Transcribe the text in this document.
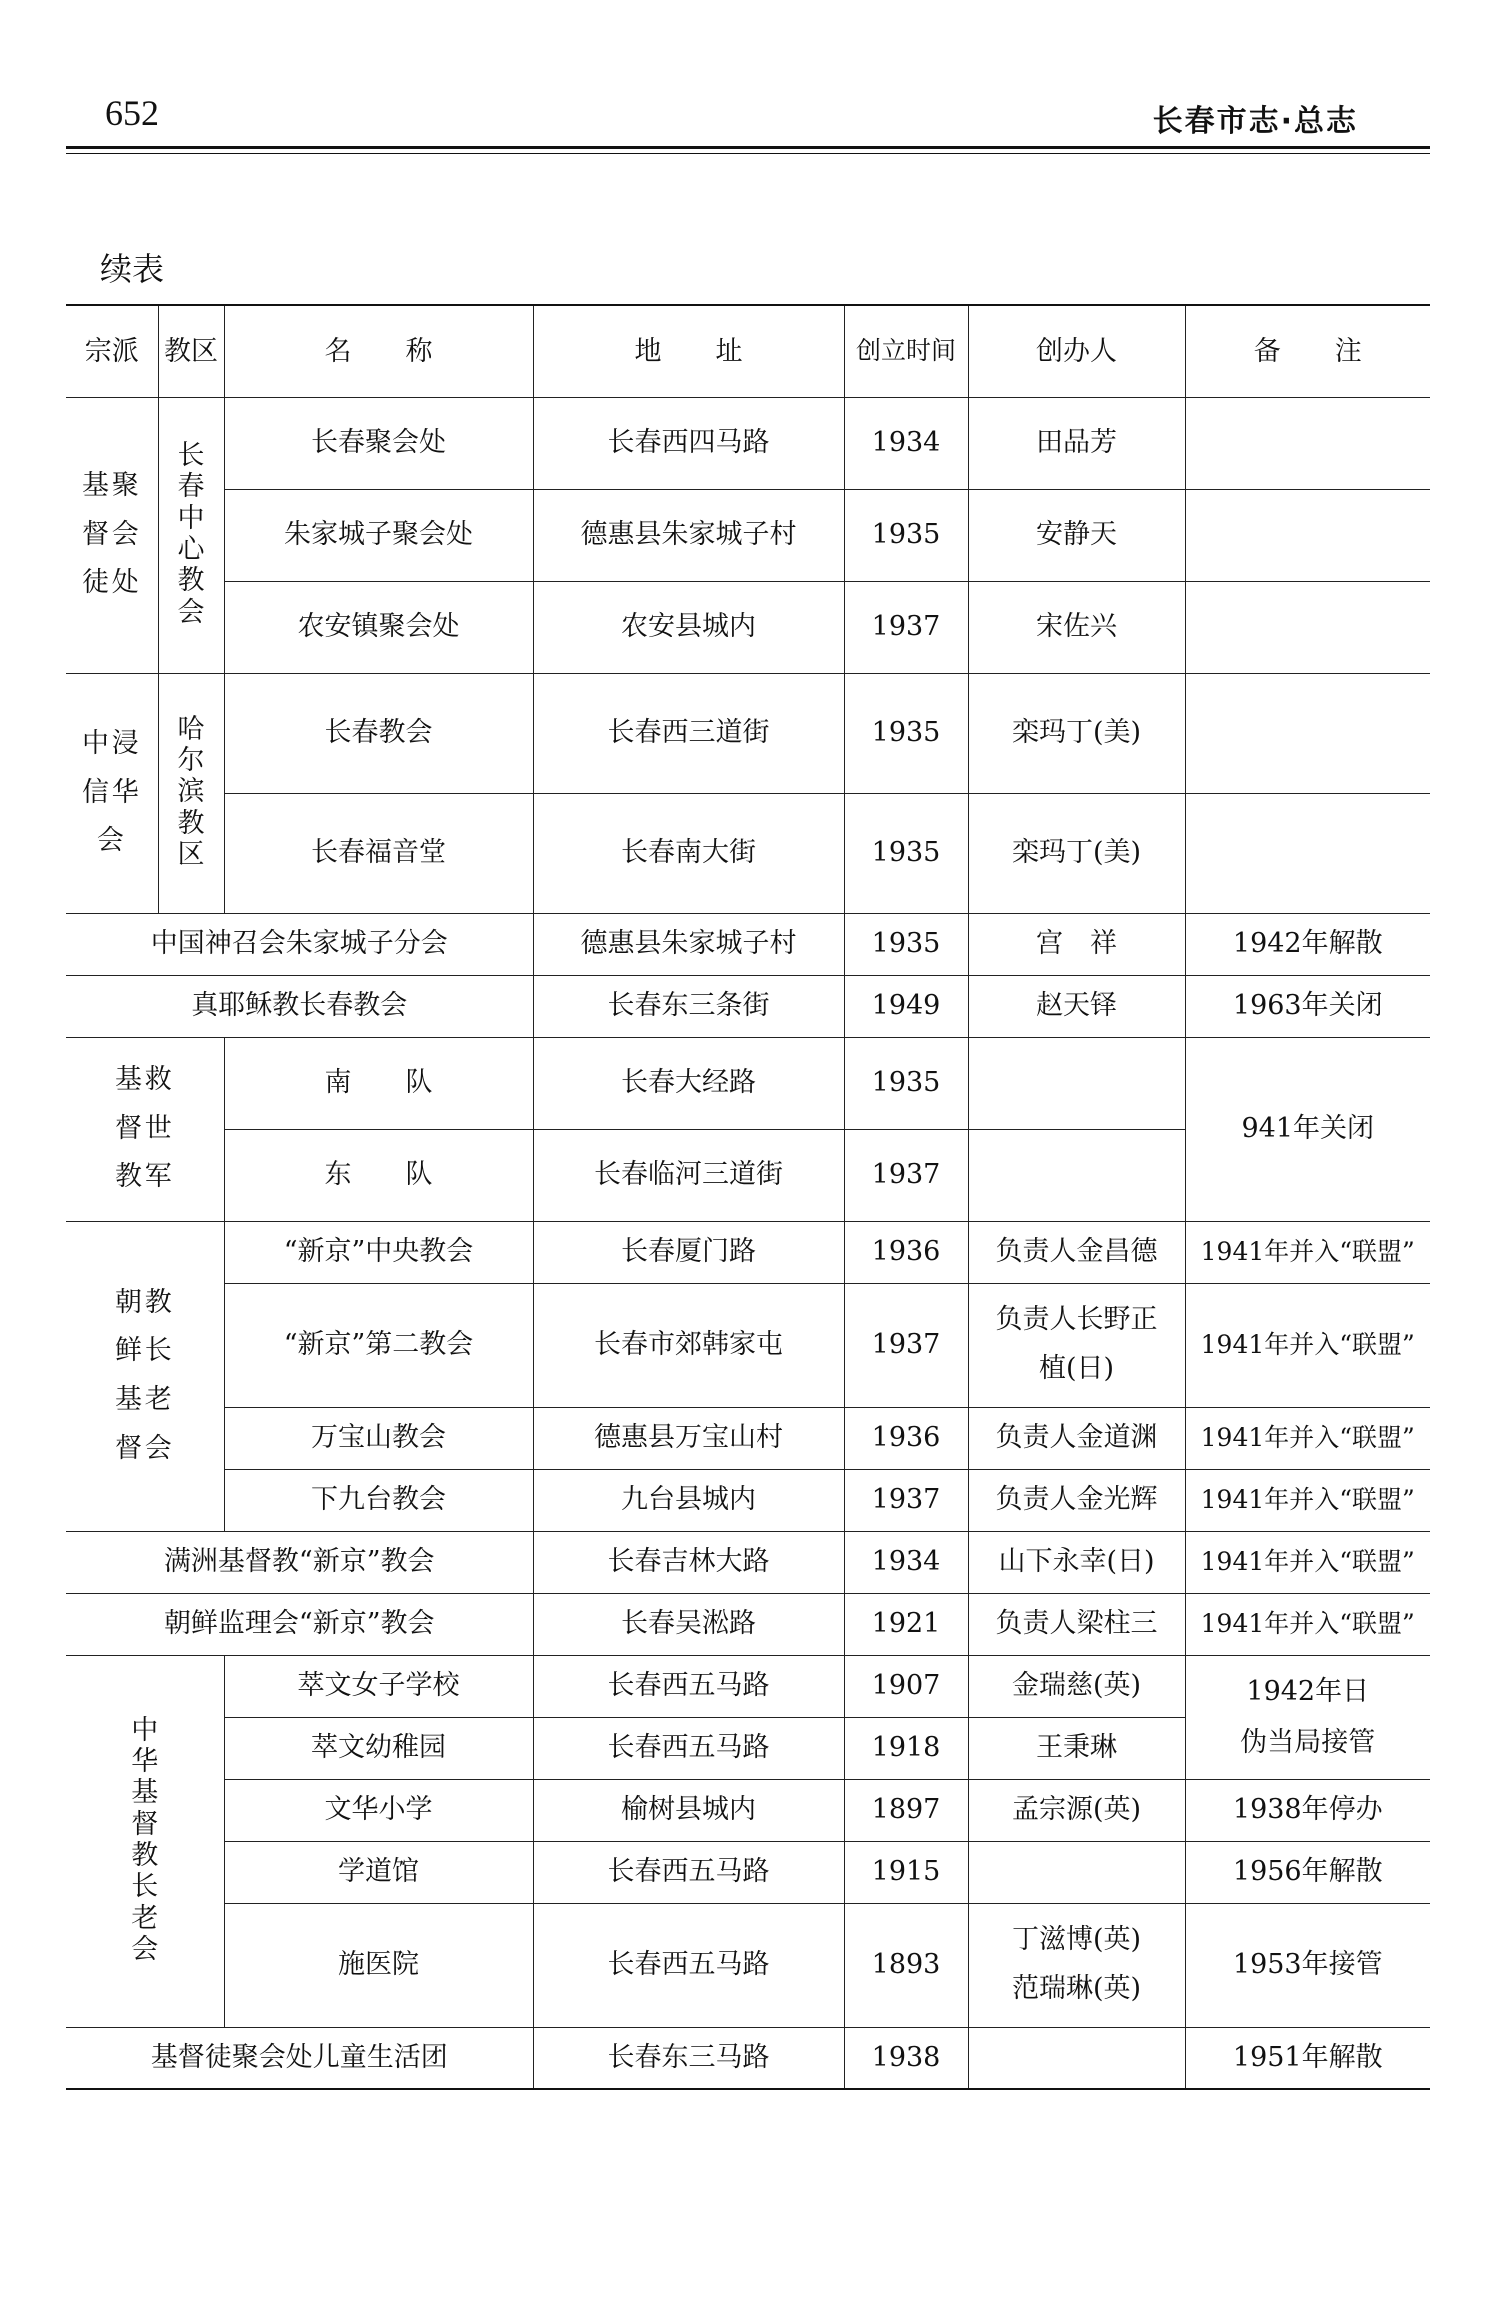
652	长春市志·总志
续表
宗派	教区	名　　称	地　　址	创立时间	创办人	备　　注
基聚督会徒处	长春中心教会	长春聚会处	长春西四马路	1934	田品芳	
		朱家城子聚会处	德惠县朱家城子村	1935	安静天	
		农安镇聚会处	农安县城内	1937	宋佐兴	
中浸信华会	哈尔滨教区	长春教会	长春西三道街	1935	栾玛丁(美)	
		长春福音堂	长春南大街	1935	栾玛丁(美)	
中国神召会朱家城子分会			德惠县朱家城子村	1935	宫　祥	1942年解散
真耶稣教长春教会			长春东三条街	1949	赵天铎	1963年关闭
基救督世教军		南　　队	长春大经路	1935		941年关闭
		东　　队	长春临河三道街	1937		
朝教鲜长基老督会		“新京”中央教会	长春厦门路	1936	负责人金昌德	1941年并入“联盟”
		“新京”第二教会	长春市郊韩家屯	1937	负责人长野正植(日)	1941年并入“联盟”
		万宝山教会	德惠县万宝山村	1936	负责人金道渊	1941年并入“联盟”
		下九台教会	九台县城内	1937	负责人金光辉	1941年并入“联盟”
满洲基督教“新京”教会			长春吉林大路	1934	山下永幸(日)	1941年并入“联盟”
朝鲜监理会“新京”教会			长春吴淞路	1921	负责人梁柱三	1941年并入“联盟”
中华基督教长老会		萃文女子学校	长春西五马路	1907	金瑞慈(英)	1942年日伪当局接管
		萃文幼稚园	长春西五马路	1918	王秉琳	
		文华小学	榆树县城内	1897	孟宗源(英)	1938年停办
		学道馆	长春西五马路	1915		1956年解散
		施医院	长春西五马路	1893	丁滋博(英)范瑞琳(英)	1953年接管
基督徒聚会处儿童生活团			长春东三马路	1938		1951年解散
